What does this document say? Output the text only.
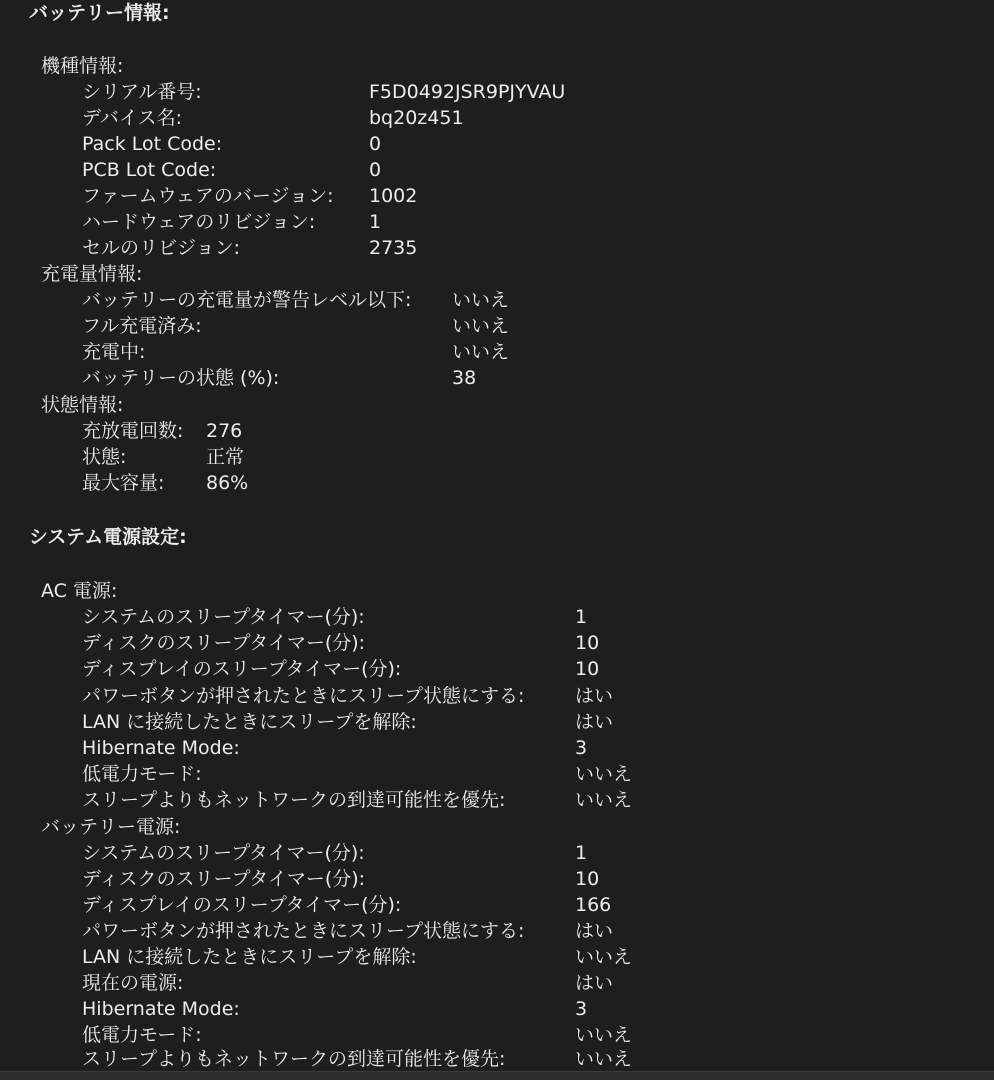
バッテリー情報:
機種情報:
シリアル番号:	F5D0492JSR9PJYVAU
デバイス名:	bq20z451
Pack Lot Code:	0
PCB Lot Code:	0
ファームウェアのバージョン: 1002
ハードウェアのリビジョン:	1
セルのリビジョン:	2735
充電量情報:
バッテリーの充電量が警告レベル以下: いいえ
フル充電済み:	いいえ
充電中:	いいえ
バッテリーの状態 (%):	38
状態情報:
充放電回数: 276
状態:	正常
最大容量: 86%
システム電源設定:
AC 電源:
システムのスリープタイマー(分):	1
ディスクのスリープタイマー(分):	10
ディスプレイのスリープタイマー(分):	10
パワーボタンが押されたときにスリープ状態にする:	はい
LAN に接続したときにスリープを解除:	はい
Hibernate Mode:	3
低電力モード:	いいえ
スリープよりもネットワークの到達可能性を優先:	いいえ
バッテリー電源:
システムのスリープタイマー(分):	1
ディスクのスリープタイマー(分):	10
ディスプレイのスリープタイマー(分):	166
パワーボタンが押されたときにスリープ状態にする:	はい
LAN に接続したときにスリープを解除:	いいえ
現在の電源:	はい
Hibernate Mode:	3
低電力モード:	いいえ
スリープよりもネットワークの到達可能性を優先:	いいえ
